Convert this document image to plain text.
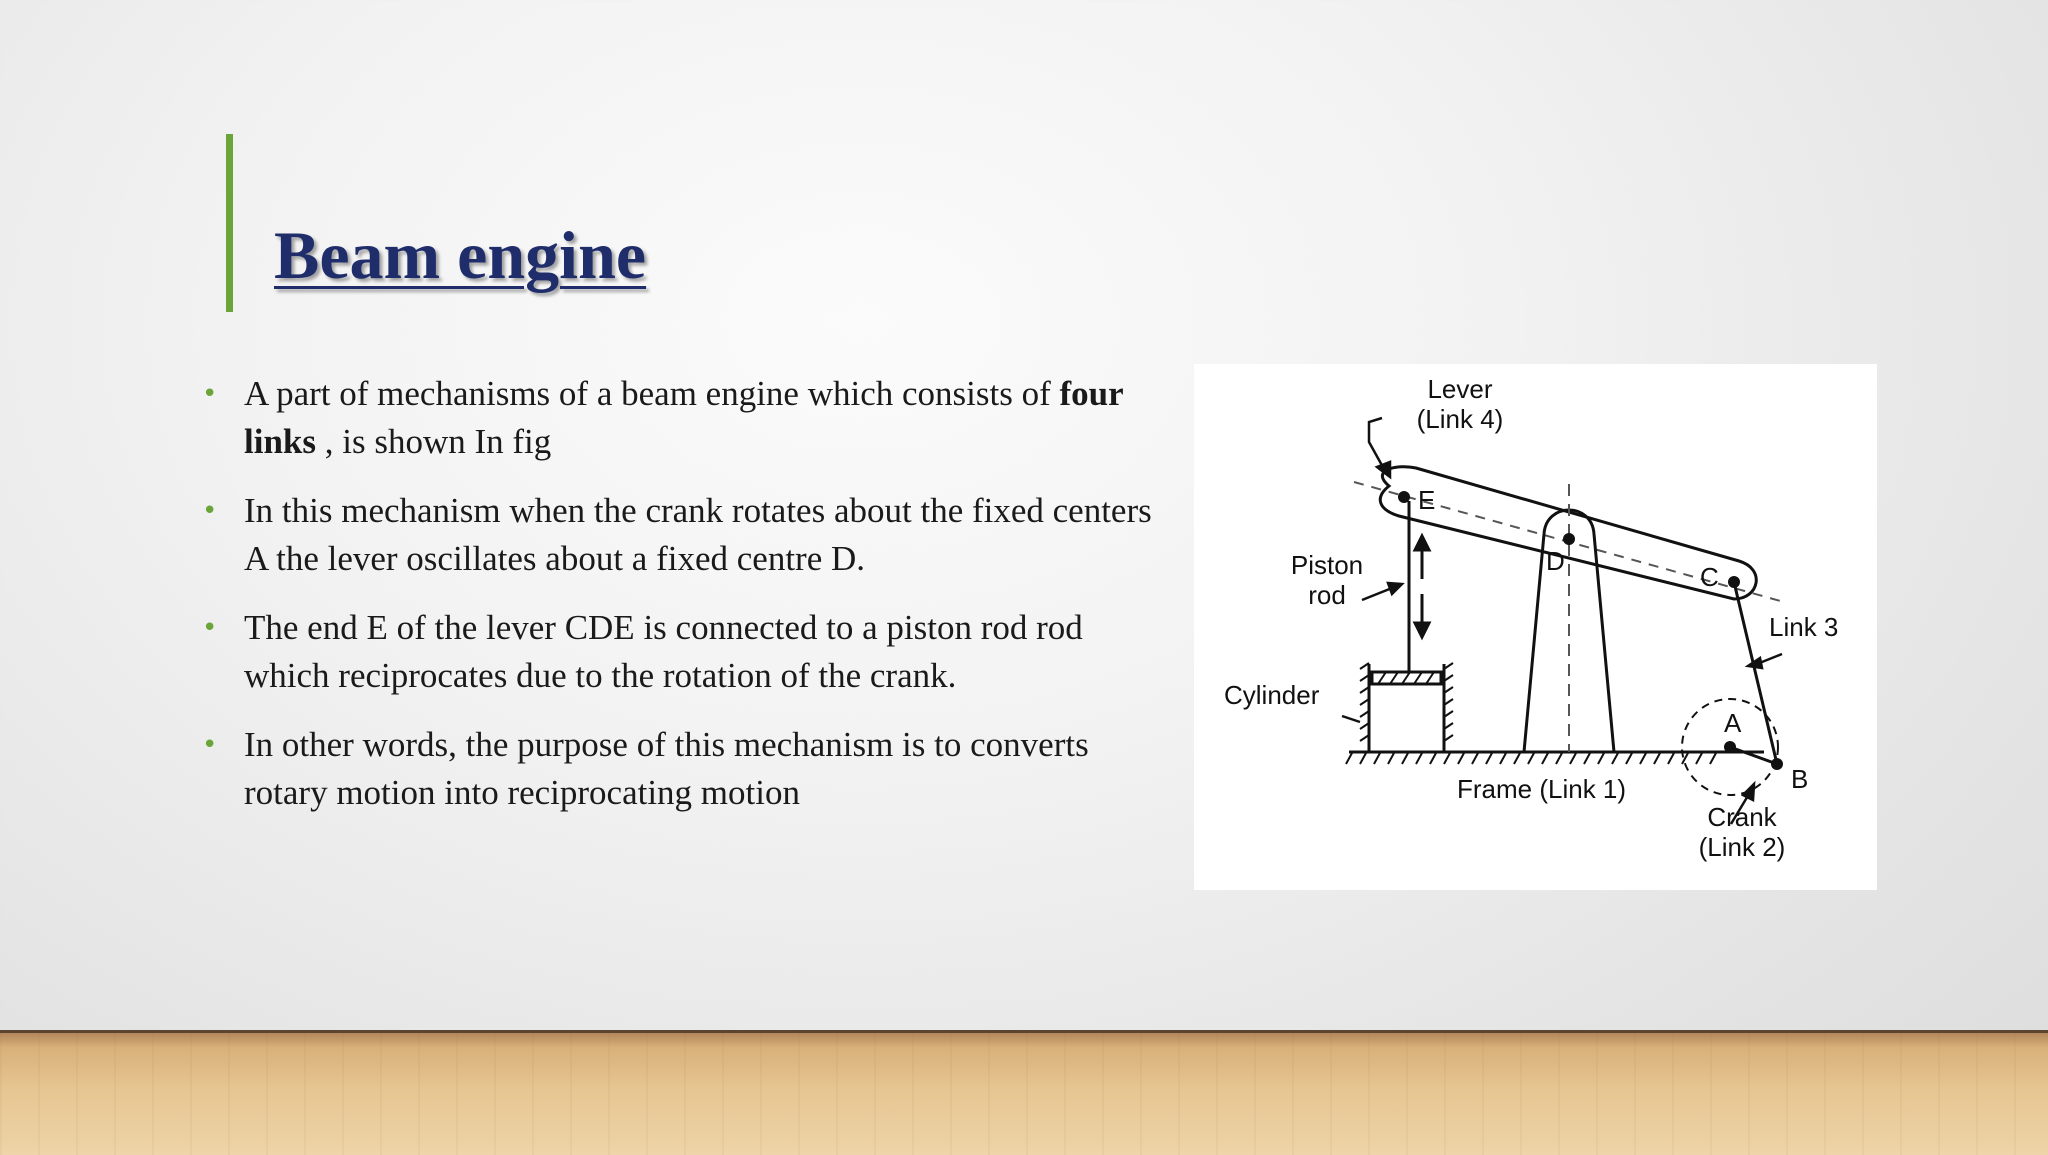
Beam engine
• A part of mechanisms of a beam engine which consists of four links , is shown In fig
• In this mechanism when the crank rotates about the fixed centers A the lever oscillates about a fixed centre D.
• The end E of the lever CDE is connected to a piston rod rod which reciprocates due to the rotation of the crank.
• In other words, the purpose of this mechanism is to converts rotary motion into reciprocating motion
Lever
(Link 4)
Piston
rod
Cylinder
Link 3
Frame (Link 1)
Crank
(Link 2)
A
B
C
D
E
